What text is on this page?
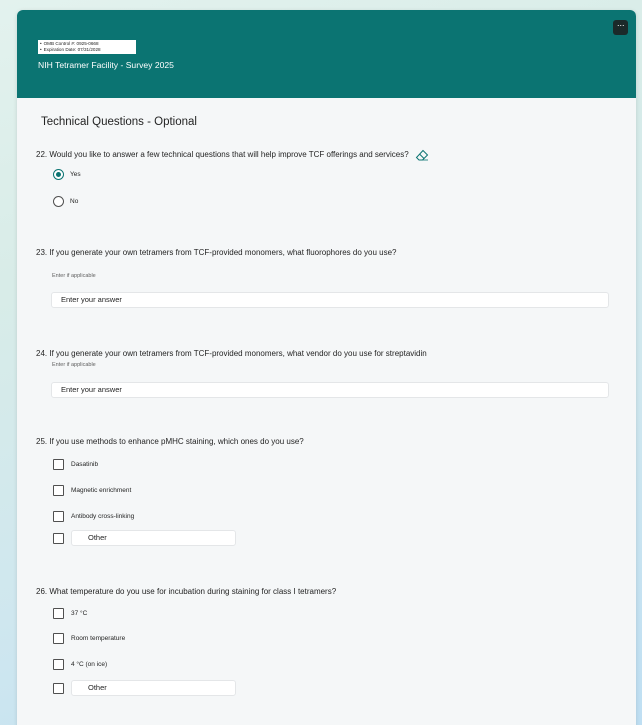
• OMB Control #: 0925-0668
• Expiration Date: 07/31/2028
NIH Tetramer Facility - Survey 2025
···
Technical Questions - Optional
22. Would you like to answer a few technical questions that will help improve TCF offerings and services?
Yes
No
23. If you generate your own tetramers from TCF-provided monomers, what fluorophores do you use?
Enter if applicable
Enter your answer
24. If you generate your own tetramers from TCF-provided monomers, what vendor do you use for streptavidin
Enter if applicable
Enter your answer
25. If you use methods to enhance pMHC staining, which ones do you use?
Dasatinib
Magnetic enrichment
Antibody cross-linking
Other
26. What temperature do you use for incubation during staining for class I tetramers?
37 °C
Room temperature
4 °C (on ice)
Other
